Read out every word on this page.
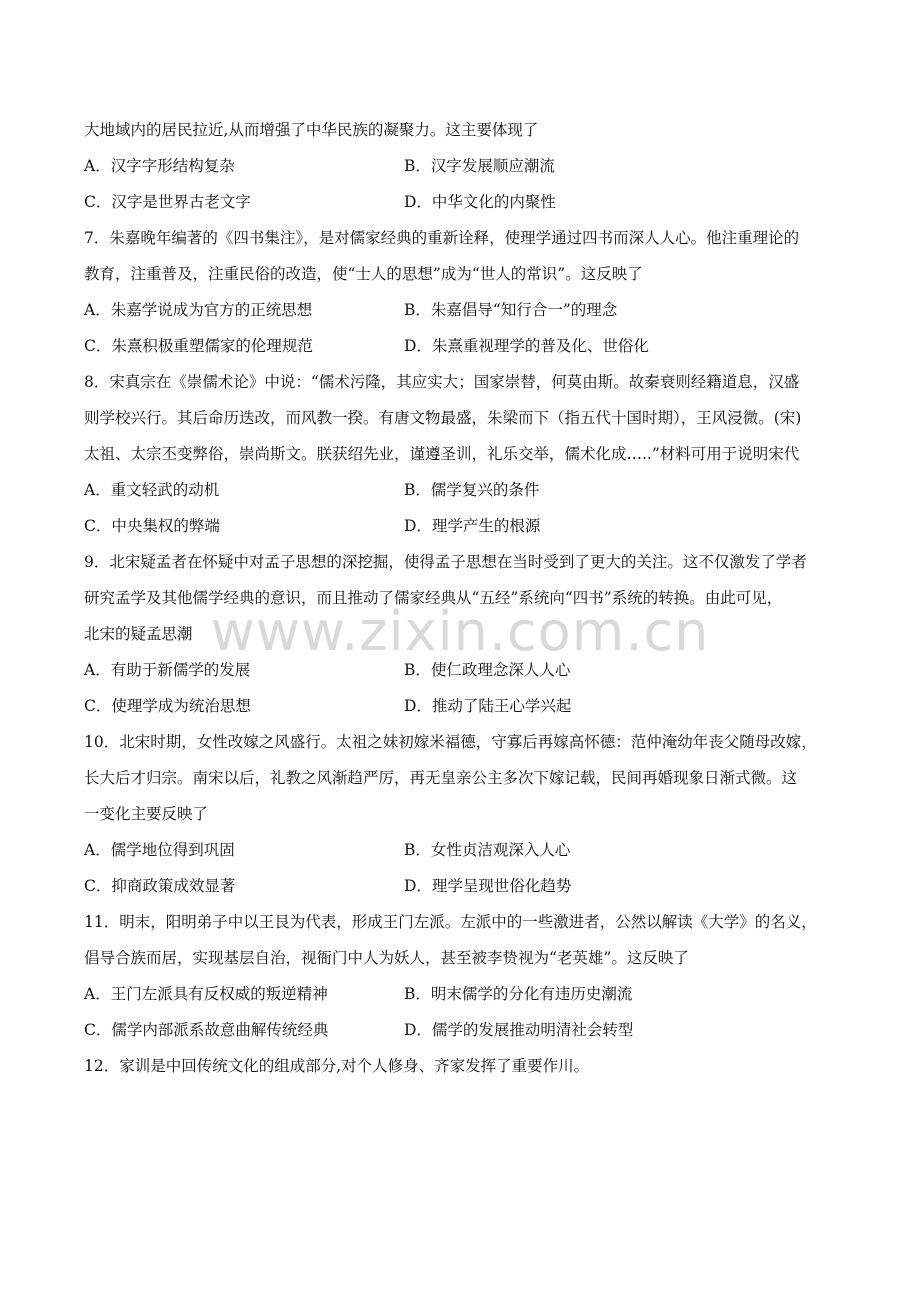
www.zixin.com.cn
大地域内的居民拉近,从而增强了中华民族的凝聚力。这主要体现了
A．汉字字形结构复杂	B．汉字发展顺应潮流
C．汉字是世界古老文字	D．中华文化的内聚性
7．朱嘉晚年编著的《四书集注》，是对儒家经典的重新诠释，使理学通过四书而深人人心。他注重理论的
教育，注重普及，注重民俗的改造，使“士人的思想”成为“世人的常识”。这反映了
A．朱嘉学说成为官方的正统思想	B．朱嘉倡导“知行合一”的理念
C．朱熹积极重塑儒家的伦理规范	D．朱熹重视理学的普及化、世俗化
8．宋真宗在《崇儒术论》中说：“儒术污隆，其应实大；国家崇替，何莫由斯。故秦衰则经籍道息，汉盛
则学校兴行。其后命历迭改，而风教一揆。有唐文物最盛，朱梁而下（指五代十国时期），王风浸微。(宋)
太祖、太宗丕变弊俗，崇尚斯文。朕获绍先业，谨遵圣训，礼乐交举，儒术化成…..”材料可用于说明宋代
A．重文轻武的动机	B．儒学复兴的条件
C．中央集权的弊端	D．理学产生的根源
9．北宋疑孟者在怀疑中对孟子思想的深挖掘，使得孟子思想在当时受到了更大的关注。这不仅激发了学者
研究孟学及其他儒学经典的意识，而且推动了儒家经典从“五经”系统向“四书”系统的转换。由此可见，
北宋的疑孟思潮
A．有助于新儒学的发展	B．使仁政理念深人人心
C．使理学成为统治思想	D．推动了陆王心学兴起
10．北宋时期，女性改嫁之风盛行。太祖之妹初嫁米福德，守寡后再嫁高怀德：范仲淹幼年丧父随母改嫁，
长大后才归宗。南宋以后，礼教之风渐趋严厉，再无皇亲公主多次下嫁记载，民间再婚现象日渐式微。这
一变化主要反映了
A．儒学地位得到巩固	B．女性贞洁观深入人心
C．抑商政策成效显著	D．理学呈现世俗化趋势
11．明末，阳明弟子中以王艮为代表，形成王门左派。左派中的一些激进者，公然以解读《大学》的名义，
倡导合族而居，实现基层自治，视衙门中人为妖人，甚至被李贽视为“老英雄”。这反映了
A．王门左派具有反权威的叛逆精神	B．明末儒学的分化有违历史潮流
C．儒学内部派系故意曲解传统经典	D．儒学的发展推动明清社会转型
12．家训是中回传统文化的组成部分,对个人修身、齐家发挥了重要作川。
